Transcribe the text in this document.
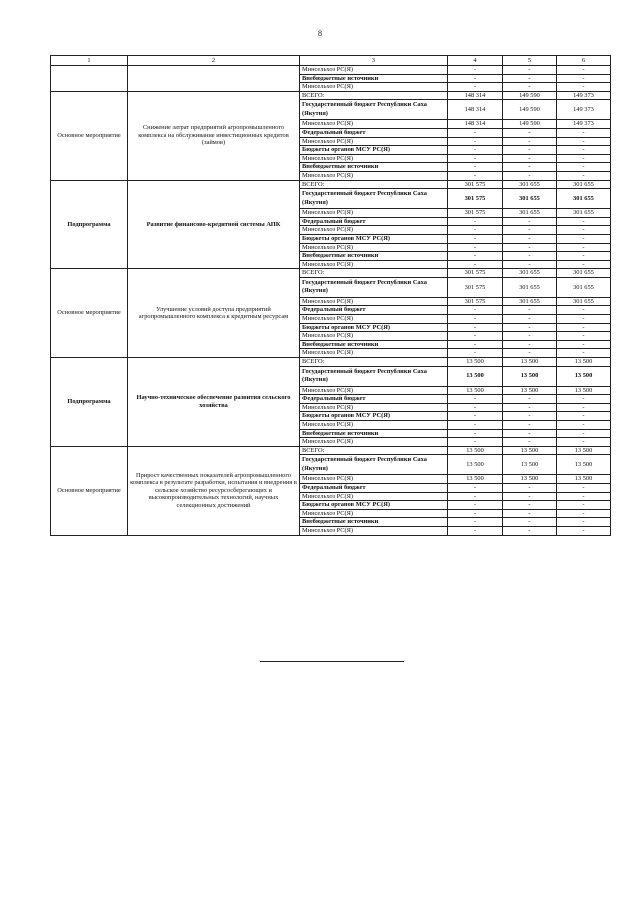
8
1	2	3	4	5	6
		Минсельхоз РС(Я)	-	-	-
		Внебюджетные источники	-	-	-
		Минсельхоз РС(Я)	-	-	-
Основное мероприятие	Снижение затрат предприятий агропромышленного комплекса на обслуживание инвестиционных кредитов (займов)	ВСЕГО:	148 314	149 590	149 373
		Государственный бюджет Республики Саха (Якутия)	148 314	149 590	149 373
		Минсельхоз РС(Я)	148 314	149 590	149 373
		Федеральный бюджет	-	-	-
		Минсельхоз РС(Я)	-	-	-
		Бюджеты органов МСУ РС(Я)	-	-	-
		Минсельхоз РС(Я)	-	-	-
		Внебюджетные источники	-	-	-
		Минсельхоз РС(Я)	-	-	-
Подпрограмма	Развитие финансово-кредитной системы АПК	ВСЕГО:	301 575	301 655	301 655
		Государственный бюджет Республики Саха (Якутия)	301 575	301 655	301 655
		Минсельхоз РС(Я)	301 575	301 655	301 655
		Федеральный бюджет	-	-	-
		Минсельхоз РС(Я)	-	-	-
		Бюджеты органов МСУ РС(Я)	-	-	-
		Минсельхоз РС(Я)	-	-	-
		Внебюджетные источники	-	-	-
		Минсельхоз РС(Я)	-	-	-
Основное мероприятие	Улучшение условий доступа предприятий агропромышленного комплекса к кредитным ресурсам	ВСЕГО:	301 575	301 655	301 655
		Государственный бюджет Республики Саха (Якутия)	301 575	301 655	301 655
		Минсельхоз РС(Я)	301 575	301 655	301 655
		Федеральный бюджет	-	-	-
		Минсельхоз РС(Я)	-	-	-
		Бюджеты органов МСУ РС(Я)	-	-	-
		Минсельхоз РС(Я)	-	-	-
		Внебюджетные источники	-	-	-
		Минсельхоз РС(Я)	-	-	-
Подпрограмма	Научно-техническое обеспечение развития сельского хозяйства	ВСЕГО:	13 500	13 500	13 500
		Государственный бюджет Республики Саха (Якутия)	13 500	13 500	13 500
		Минсельхоз РС(Я)	13 500	13 500	13 500
		Федеральный бюджет	-	-	-
		Минсельхоз РС(Я)	-	-	-
		Бюджеты органов МСУ РС(Я)	-	-	-
		Минсельхоз РС(Я)	-	-	-
		Внебюджетные источники	-	-	-
		Минсельхоз РС(Я)	-	-	-
Основное мероприятие	Прирост качественных показателей агропромышленного комплекса в результате разработки, испытания и внедрения в сельское хозяйство ресурсосберегающих и высокопроизводительных технологий, научных селекционных достижений	ВСЕГО:	13 500	13 500	13 500
		Государственный бюджет Республики Саха (Якутия)	13 500	13 500	13 500
		Минсельхоз РС(Я)	13 500	13 500	13 500
		Федеральный бюджет	-	-	-
		Минсельхоз РС(Я)	-	-	-
		Бюджеты органов МСУ РС(Я)	-	-	-
		Минсельхоз РС(Я)	-	-	-
		Внебюджетные источники	-	-	-
		Минсельхоз РС(Я)	-	-	-
